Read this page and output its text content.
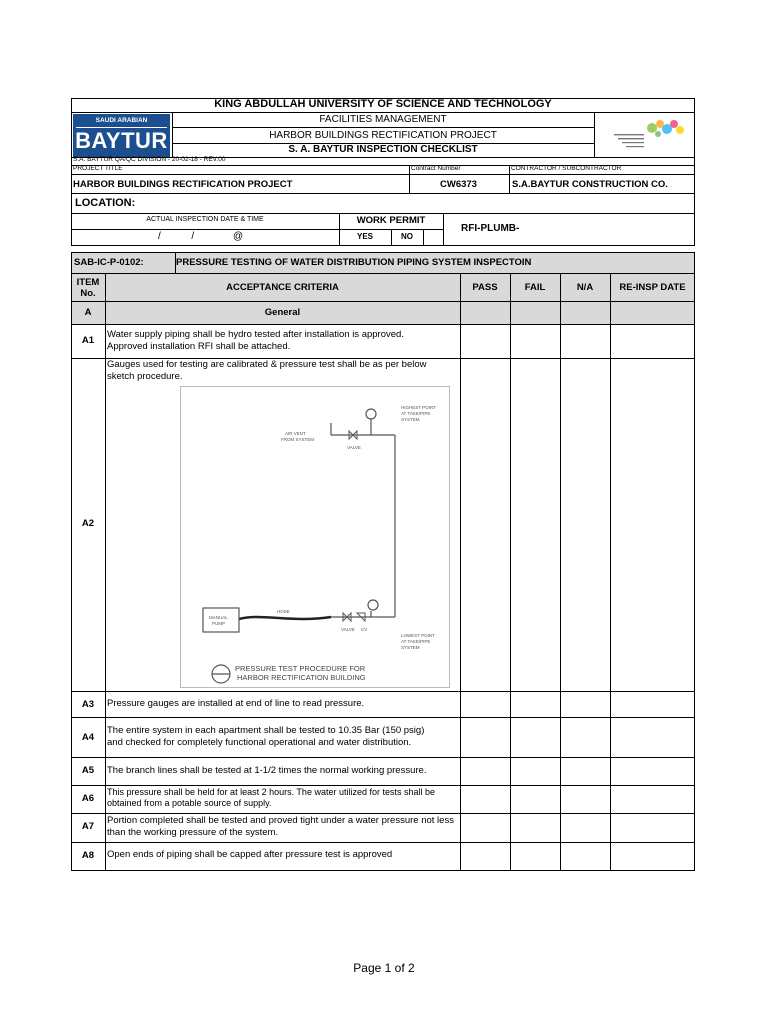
KING ABDULLAH UNIVERSITY OF SCIENCE AND TECHNOLOGY
SAUDI ARABIAN
BAYTUR
FACILITIES MANAGEMENT
HARBOR BUILDINGS RECTIFICATION PROJECT
S. A. BAYTUR INSPECTION CHECKLIST
S.A. BAYTUR QA/QC DIVISION - 20-02-18 - REV.00
PROJECT TITLE	Contract Number	CONTRACTOR / SUBCONTRACTOR
HARBOR BUILDINGS RECTIFICATION PROJECT	CW6373	S.A.BAYTUR CONSTRUCTION CO.
LOCATION:
ACTUAL INSPECTION DATE & TIME
/           /              @
WORK PERMIT
YES	NO
RFI-PLUMB-
SAB-IC-P-0102:	PRESSURE TESTING OF WATER DISTRIBUTION PIPING SYSTEM INSPECTOIN
ITEM
No.
ACCEPTANCE CRITERIA	PASS	FAIL	N/A	RE-INSP DATE
A	General
A1
Water supply piping shall be hydro tested after installation is approved. Approved installation RFI shall be attached.
A2
Gauges used for testing are calibrated & pressure test shall be as per below sketch procedure.
HIGHEST POINT
AT TAKE/PIPE
SYSTEM
AIR VENT
FROM SYSTEM
VALVE
HOSE
MANUAL
PUMP
VALVE CV
LOWEST POINT
AT TAKE/PIPE
SYSTEM
PRESSURE TEST PROCEDURE FOR
HARBOR RECTIFICATION BUILDING
A3	Pressure gauges are installed at end of line to read pressure.
A4
The entire system in each apartment shall be tested to 10.35 Bar (150 psig) and checked for completely functional operational and water distribution.
A5	The branch lines shall be tested at 1-1/2 times the normal working pressure.
A6
This pressure shall be held for at least 2 hours. The water utilized for tests shall be obtained from a potable source of supply.
A7
Portion completed shall be tested and proved tight under a water pressure not less than the working pressure of the system.
A8	Open ends of piping shall be capped after pressure test is approved
Page 1 of 2
